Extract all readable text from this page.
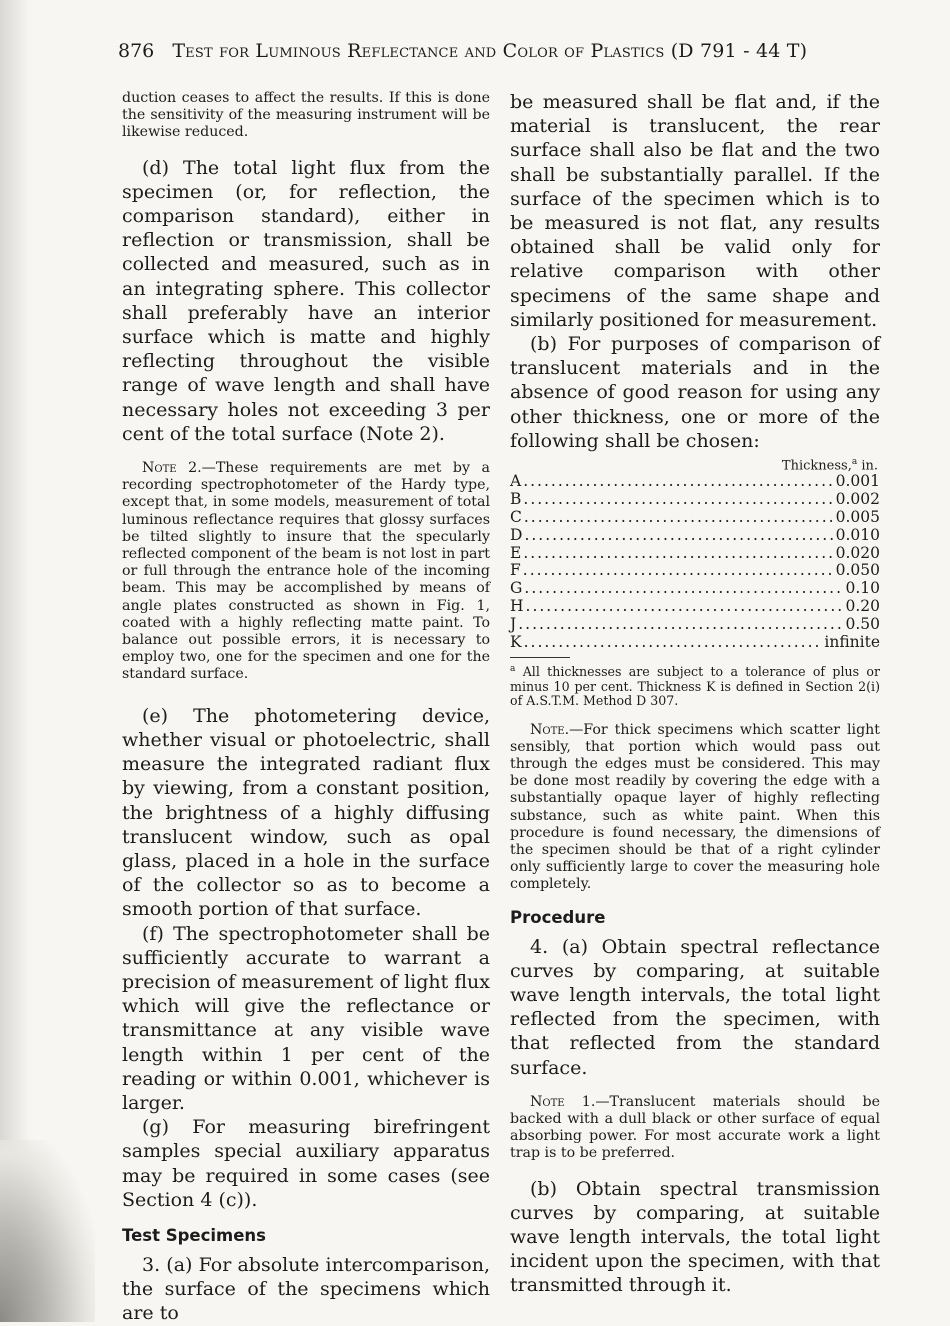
876 Test for Luminous Reflectance and Color of Plastics (D 791 - 44 T)

duction ceases to affect the results. If this is done the sensitivity of the measuring instrument will be likewise reduced.

(d) The total light flux from the specimen (or, for reflection, the comparison standard), either in reflection or transmission, shall be collected and measured, such as in an integrating sphere. This collector shall preferably have an interior surface which is matte and highly reflecting throughout the visible range of wave length and shall have necessary holes not exceeding 3 per cent of the total surface (Note 2).

Note 2.—These requirements are met by a recording spectrophotometer of the Hardy type, except that, in some models, measurement of total luminous reflectance requires that glossy surfaces be tilted slightly to insure that the specularly reflected component of the beam is not lost in part or full through the entrance hole of the incoming beam. This may be accomplished by means of angle plates constructed as shown in Fig. 1, coated with a highly reflecting matte paint. To balance out possible errors, it is necessary to employ two, one for the specimen and one for the standard surface.

(e) The photometering device, whether visual or photoelectric, shall measure the integrated radiant flux by viewing, from a constant position, the brightness of a highly diffusing translucent window, such as opal glass, placed in a hole in the surface of the collector so as to become a smooth portion of that surface.

(f) The spectrophotometer shall be sufficiently accurate to warrant a precision of measurement of light flux which will give the reflectance or transmittance at any visible wave length within 1 per cent of the reading or within 0.001, whichever is larger.

(g) For measuring birefringent samples special auxiliary apparatus may be required in some cases (see Section 4 (c)).

Test Specimens

3. (a) For absolute intercomparison, the surface of the specimens which are to

be measured shall be flat and, if the material is translucent, the rear surface shall also be flat and the two shall be substantially parallel. If the surface of the specimen which is to be measured is not flat, any results obtained shall be valid only for relative comparison with other specimens of the same shape and similarly positioned for measurement.

(b) For purposes of comparison of translucent materials and in the absence of good reason for using any other thickness, one or more of the following shall be chosen:

Thickness,$^a$ in.
A .....	0.001
B .....	0.002
C .....	0.005
D .....	0.010
E .....	0.020
F .....	0.050
G .....	0.10
H .....	0.20
J .....	0.50
K .....	infinite

$^a$ All thicknesses are subject to a tolerance of plus or minus 10 per cent. Thickness K is defined in Section 2(i) of A.S.T.M. Method D 307.

Note.—For thick specimens which scatter light sensibly, that portion which would pass out through the edges must be considered. This may be done most readily by covering the edge with a substantially opaque layer of highly reflecting substance, such as white paint. When this procedure is found necessary, the dimensions of the specimen should be that of a right cylinder only sufficiently large to cover the measuring hole completely.

Procedure

4. (a) Obtain spectral reflectance curves by comparing, at suitable wave length intervals, the total light reflected from the specimen, with that reflected from the standard surface.

Note 1.—Translucent materials should be backed with a dull black or other surface of equal absorbing power. For most accurate work a light trap is to be preferred.

(b) Obtain spectral transmission curves by comparing, at suitable wave length intervals, the total light incident upon the specimen, with that transmitted through it.
